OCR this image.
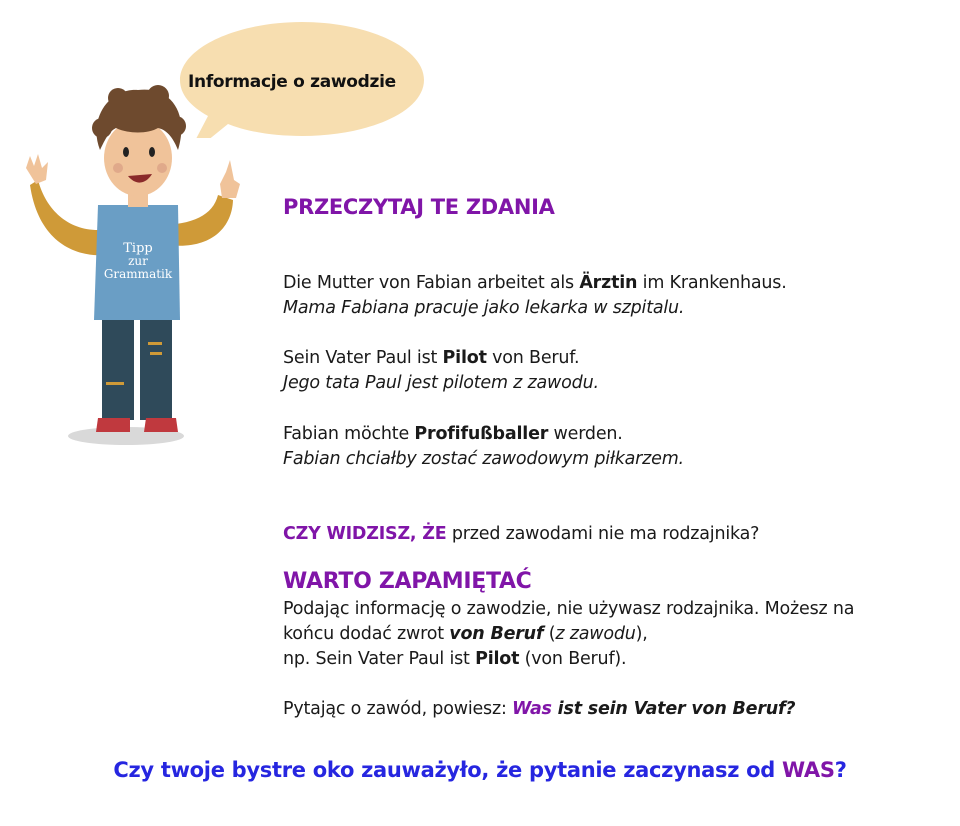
Informacje o zawodzie
Tipp
zur
Grammatik
PRZECZYTAJ TE ZDANIA
Die Mutter von Fabian arbeitet als Ärztin im Krankenhaus.
Mama Fabiana pracuje jako lekarka w szpitalu.
Sein Vater Paul ist Pilot von Beruf.
Jego tata Paul jest pilotem z zawodu.
Fabian möchte Profifußballer werden.
Fabian chciałby zostać zawodowym piłkarzem.
CZY WIDZISZ, ŻE przed zawodami nie ma rodzajnika?
WARTO ZAPAMIĘTAĆ
Podając informację o zawodzie, nie używasz rodzajnika. Możesz na
końcu dodać zwrot von Beruf (z zawodu),
np. Sein Vater Paul ist Pilot (von Beruf).
Pytając o zawód, powiesz: Was ist sein Vater von Beruf?
Czy twoje bystre oko zauważyło, że pytanie zaczynasz od WAS?
